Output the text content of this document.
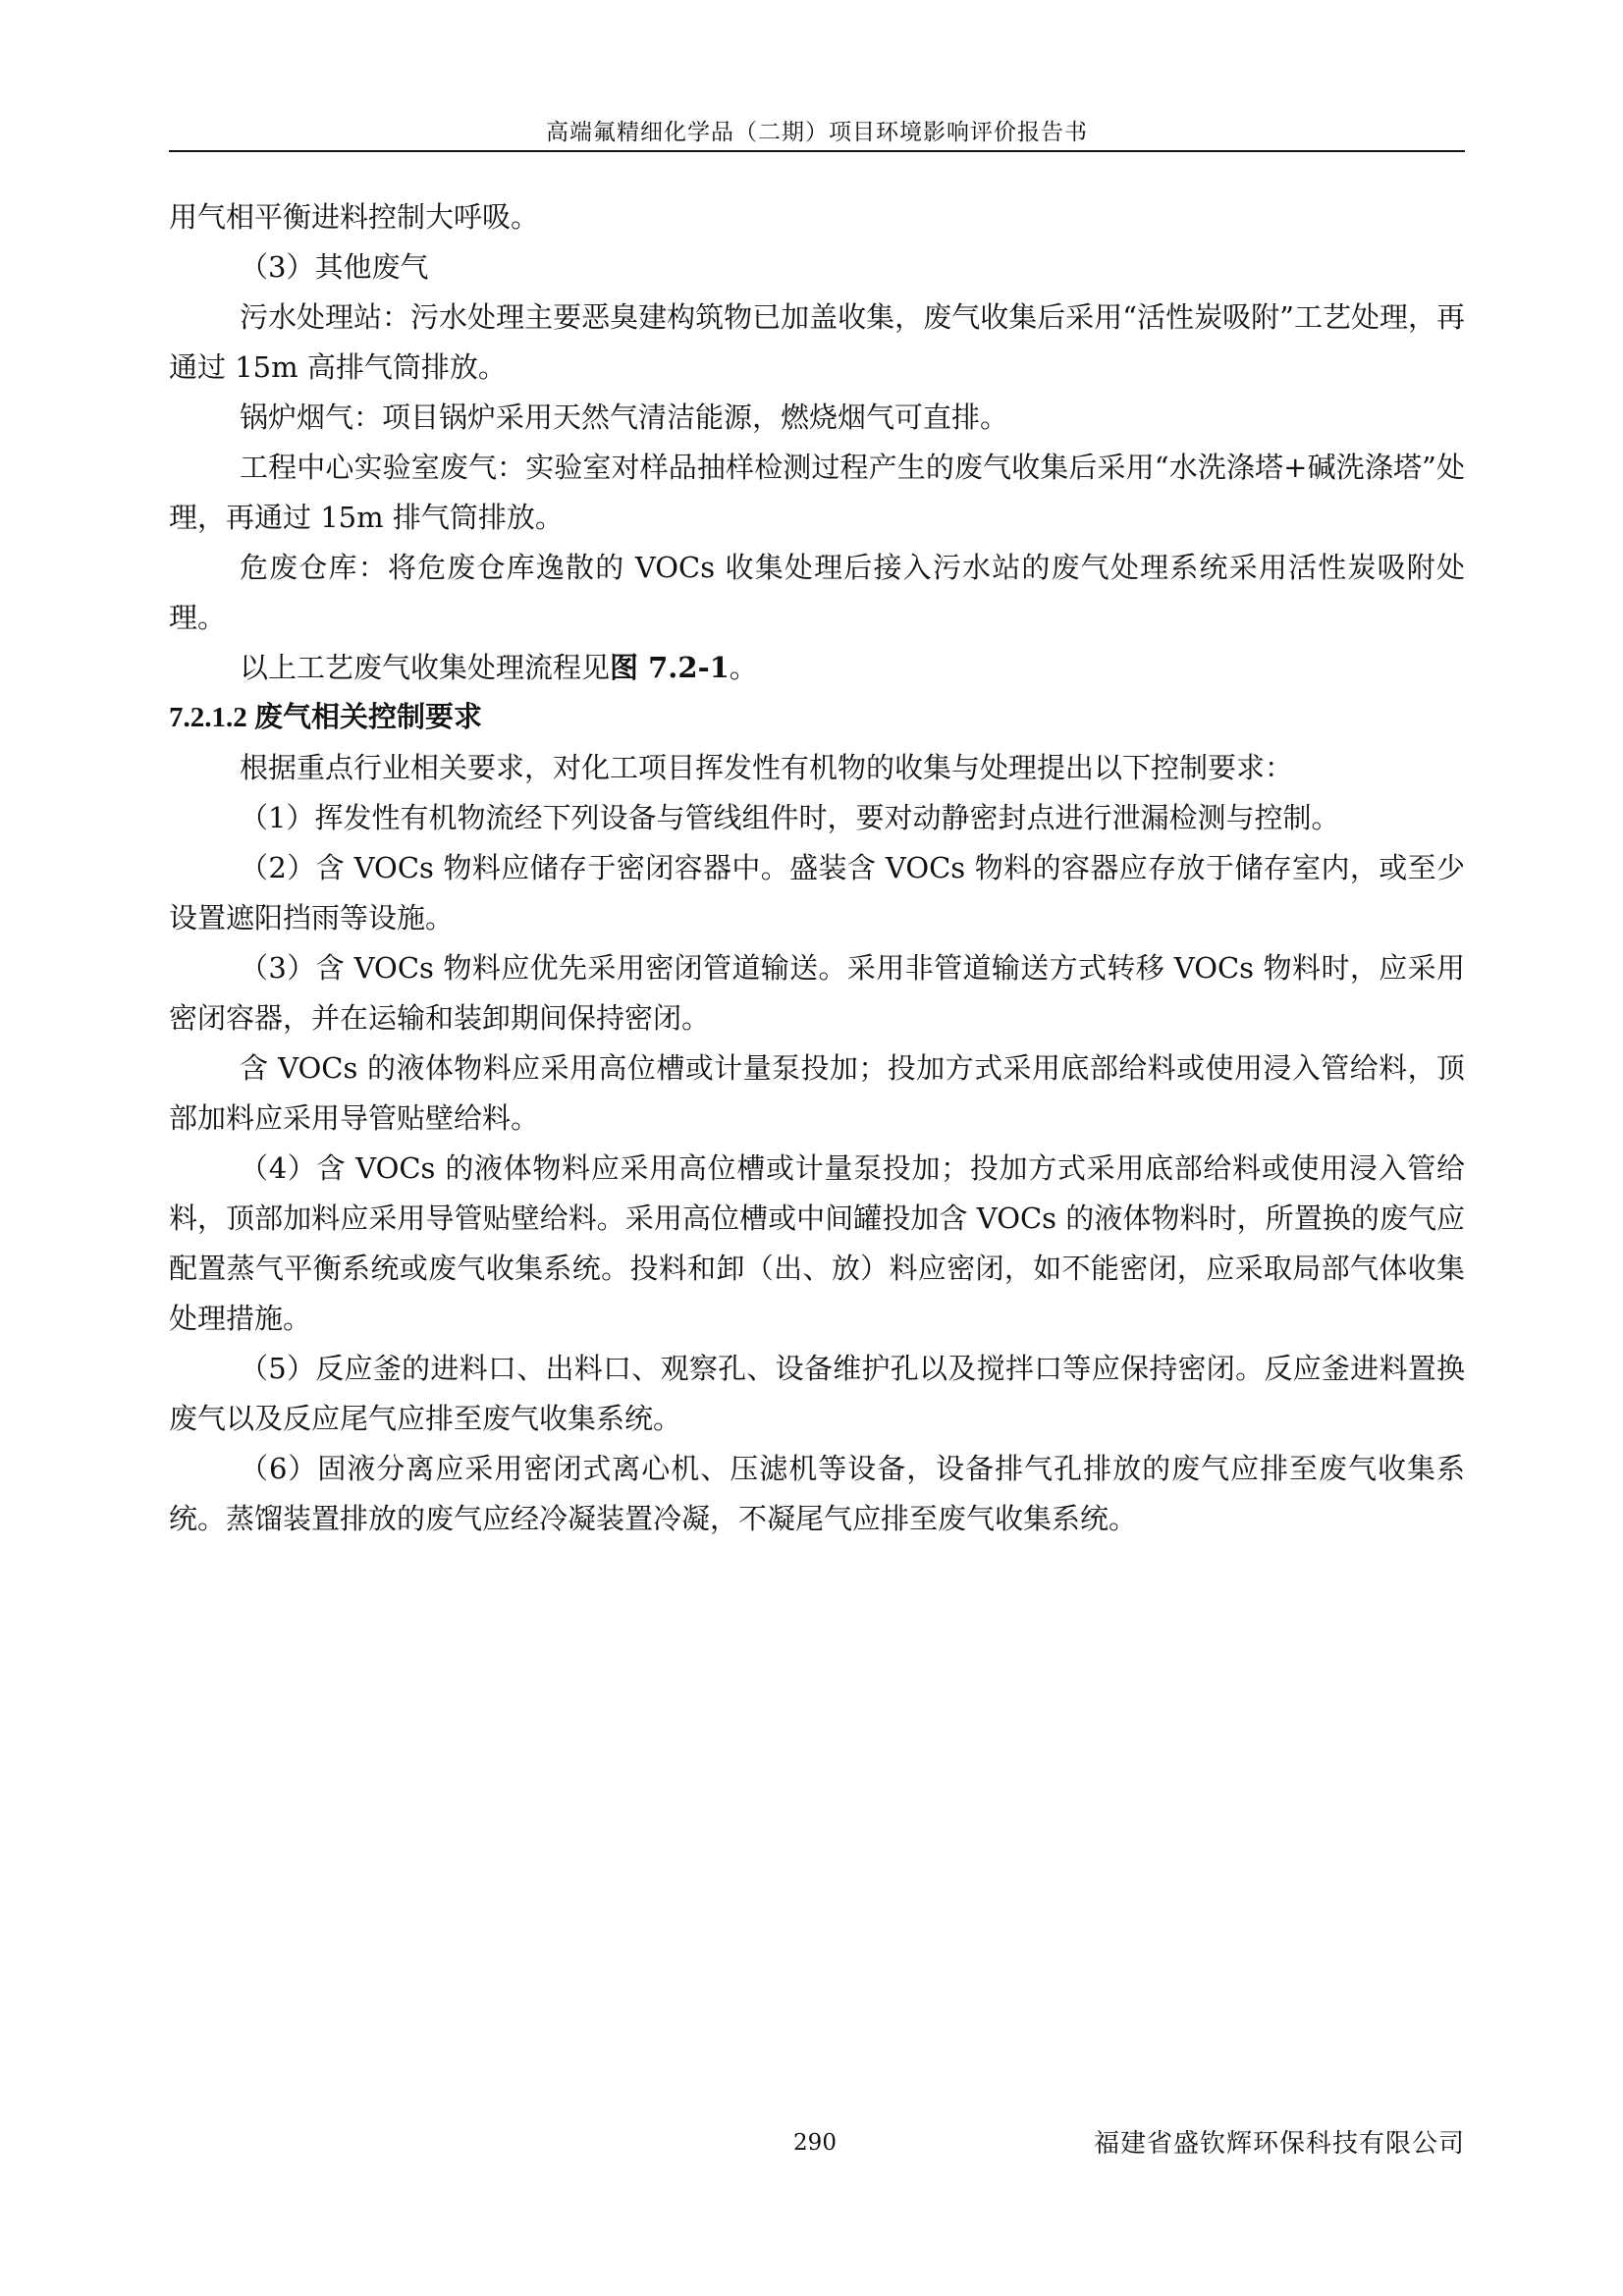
高端氟精细化学品（二期）项目环境影响评价报告书

用气相平衡进料控制大呼吸。

（3）其他废气

污水处理站：污水处理主要恶臭建构筑物已加盖收集，废气收集后采用“活性炭吸附”工艺处理，再通过 15m 高排气筒排放。

锅炉烟气：项目锅炉采用天然气清洁能源，燃烧烟气可直排。

工程中心实验室废气：实验室对样品抽样检测过程产生的废气收集后采用“水洗涤塔+碱洗涤塔”处理，再通过 15m 排气筒排放。

危废仓库：将危废仓库逸散的 VOCs 收集处理后接入污水站的废气处理系统采用活性炭吸附处理。

以上工艺废气收集处理流程见图 7.2-1。

7.2.1.2 废气相关控制要求

根据重点行业相关要求，对化工项目挥发性有机物的收集与处理提出以下控制要求：

（1）挥发性有机物流经下列设备与管线组件时，要对动静密封点进行泄漏检测与控制。

（2）含 VOCs 物料应储存于密闭容器中。盛装含 VOCs 物料的容器应存放于储存室内，或至少设置遮阳挡雨等设施。

（3）含 VOCs 物料应优先采用密闭管道输送。采用非管道输送方式转移 VOCs 物料时，应采用密闭容器，并在运输和装卸期间保持密闭。

含 VOCs 的液体物料应采用高位槽或计量泵投加；投加方式采用底部给料或使用浸入管给料，顶部加料应采用导管贴壁给料。

（4）含 VOCs 的液体物料应采用高位槽或计量泵投加；投加方式采用底部给料或使用浸入管给料，顶部加料应采用导管贴壁给料。采用高位槽或中间罐投加含 VOCs 的液体物料时，所置换的废气应配置蒸气平衡系统或废气收集系统。投料和卸（出、放）料应密闭，如不能密闭，应采取局部气体收集处理措施。

（5）反应釜的进料口、出料口、观察孔、设备维护孔以及搅拌口等应保持密闭。反应釜进料置换废气以及反应尾气应排至废气收集系统。

（6）固液分离应采用密闭式离心机、压滤机等设备，设备排气孔排放的废气应排至废气收集系统。蒸馏装置排放的废气应经冷凝装置冷凝，不凝尾气应排至废气收集系统。

290	福建省盛钦辉环保科技有限公司
